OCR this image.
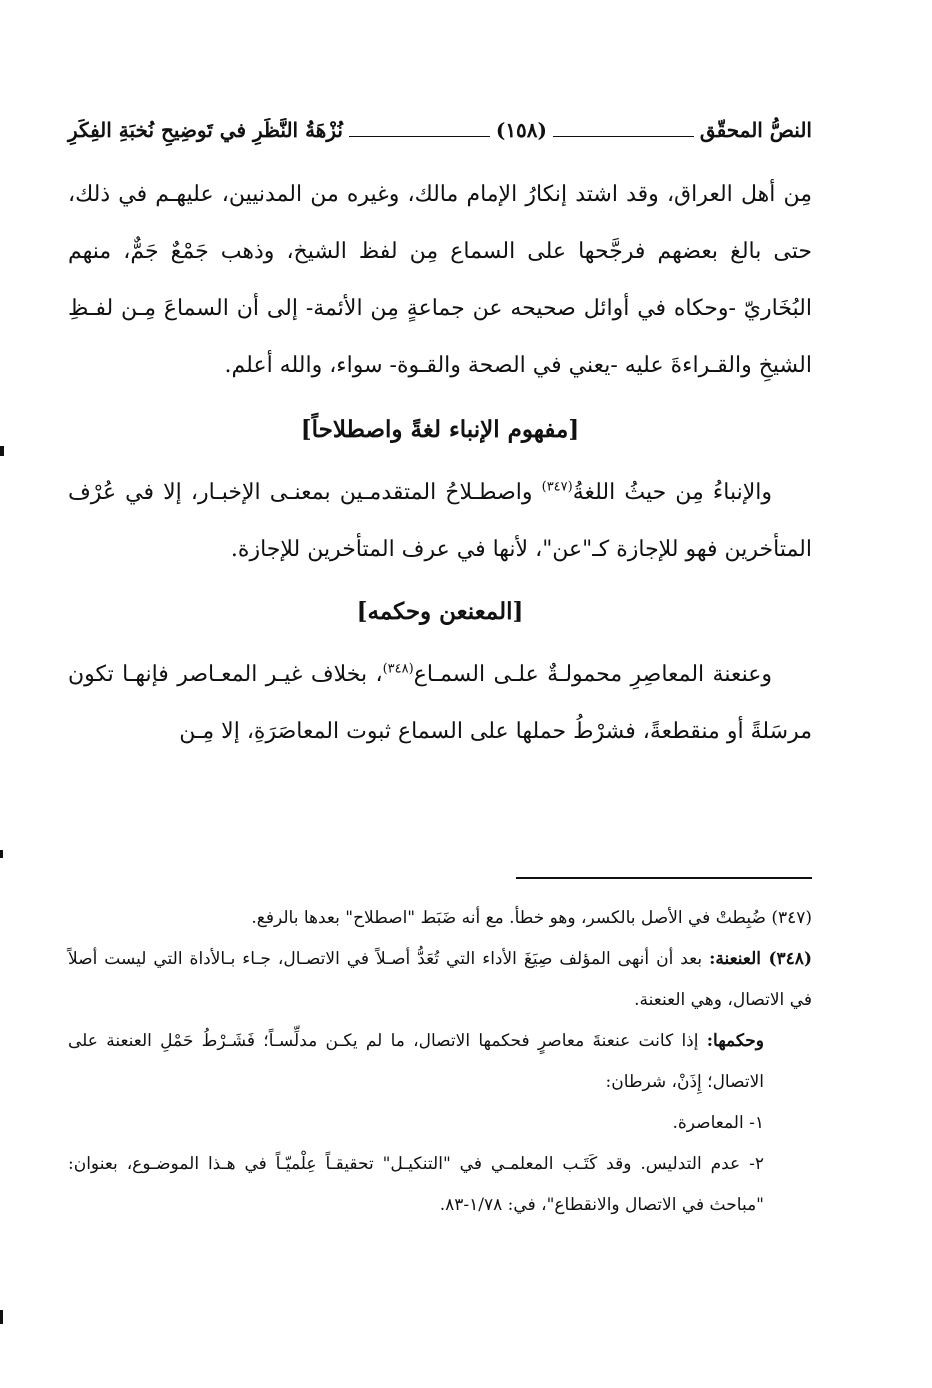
النصُّ المحقّق
(١٥٨)
نُزْهَةُ النَّظَرِ في تَوضِيحِ نُخبَةِ الفِكَرِ

مِن أهل العراق، وقد اشتد إنكارُ الإمام مالك، وغيره من المدنيين، عليهـم في ذلك، حتى بالغ بعضهم فرجَّحها على السماع مِن لفظ الشيخ، وذهب جَمْعٌ جَمٌّ، منهم البُخَاريّ -وحكاه في أوائل صحيحه عن جماعةٍ مِن الأئمة- إلى أن السماعَ مِـن لفـظِ الشيخِ والقـراءةَ عليه -يعني في الصحة والقـوة- سواء، والله أعلم.

[مفهوم الإنباء لغةً واصطلاحاً]

والإنباءُ مِن حيثُ اللغةُ$^{(٣٤٧)}$ واصطـلاحُ المتقدمـين بمعنـى الإخبـار، إلا في عُرْف المتأخرين فهو للإجازة كـ"عن"، لأنها في عرف المتأخرين للإجازة.

[المعنعن وحكمه]

وعنعنة المعاصِرِ محمولـةٌ علـى السمـاع$^{(٣٤٨)}$، بخلاف غيـر المعـاصر فإنهـا تكون مرسَلةً أو منقطعةً، فشرْطُ حملها على السماع ثبوت المعاصَرَةِ، إلا مِـن

(٣٤٧) ضُبِطتْ في الأصل بالكسر، وهو خطأ. مع أنه ضَبَط "اصطلاح" بعدها بالرفع.

(٣٤٨) العنعنة: بعد أن أنهى المؤلف صِيَغَ الأداء التي تُعَدُّ أصـلاً في الاتصـال، جـاء بـالأداة التي ليست أصلاً في الاتصال، وهي العنعنة.

وحكمها: إذا كانت عنعنةَ معاصرٍ فحكمها الاتصال، ما لم يكـن مدلِّسـاً؛ فَشَـرْطُ حَمْلِ العنعنة على الاتصال؛ إِذَنْ، شرطان:

١- المعاصرة.

٢- عدم التدليس. وقد كَتَـب المعلمـي في "التنكيـل" تحقيقـاً عِلْميّـاً في هـذا الموضـوع، بعنوان: "مباحث في الاتصال والانقطاع"، في: ١/٧٨-٨٣.
